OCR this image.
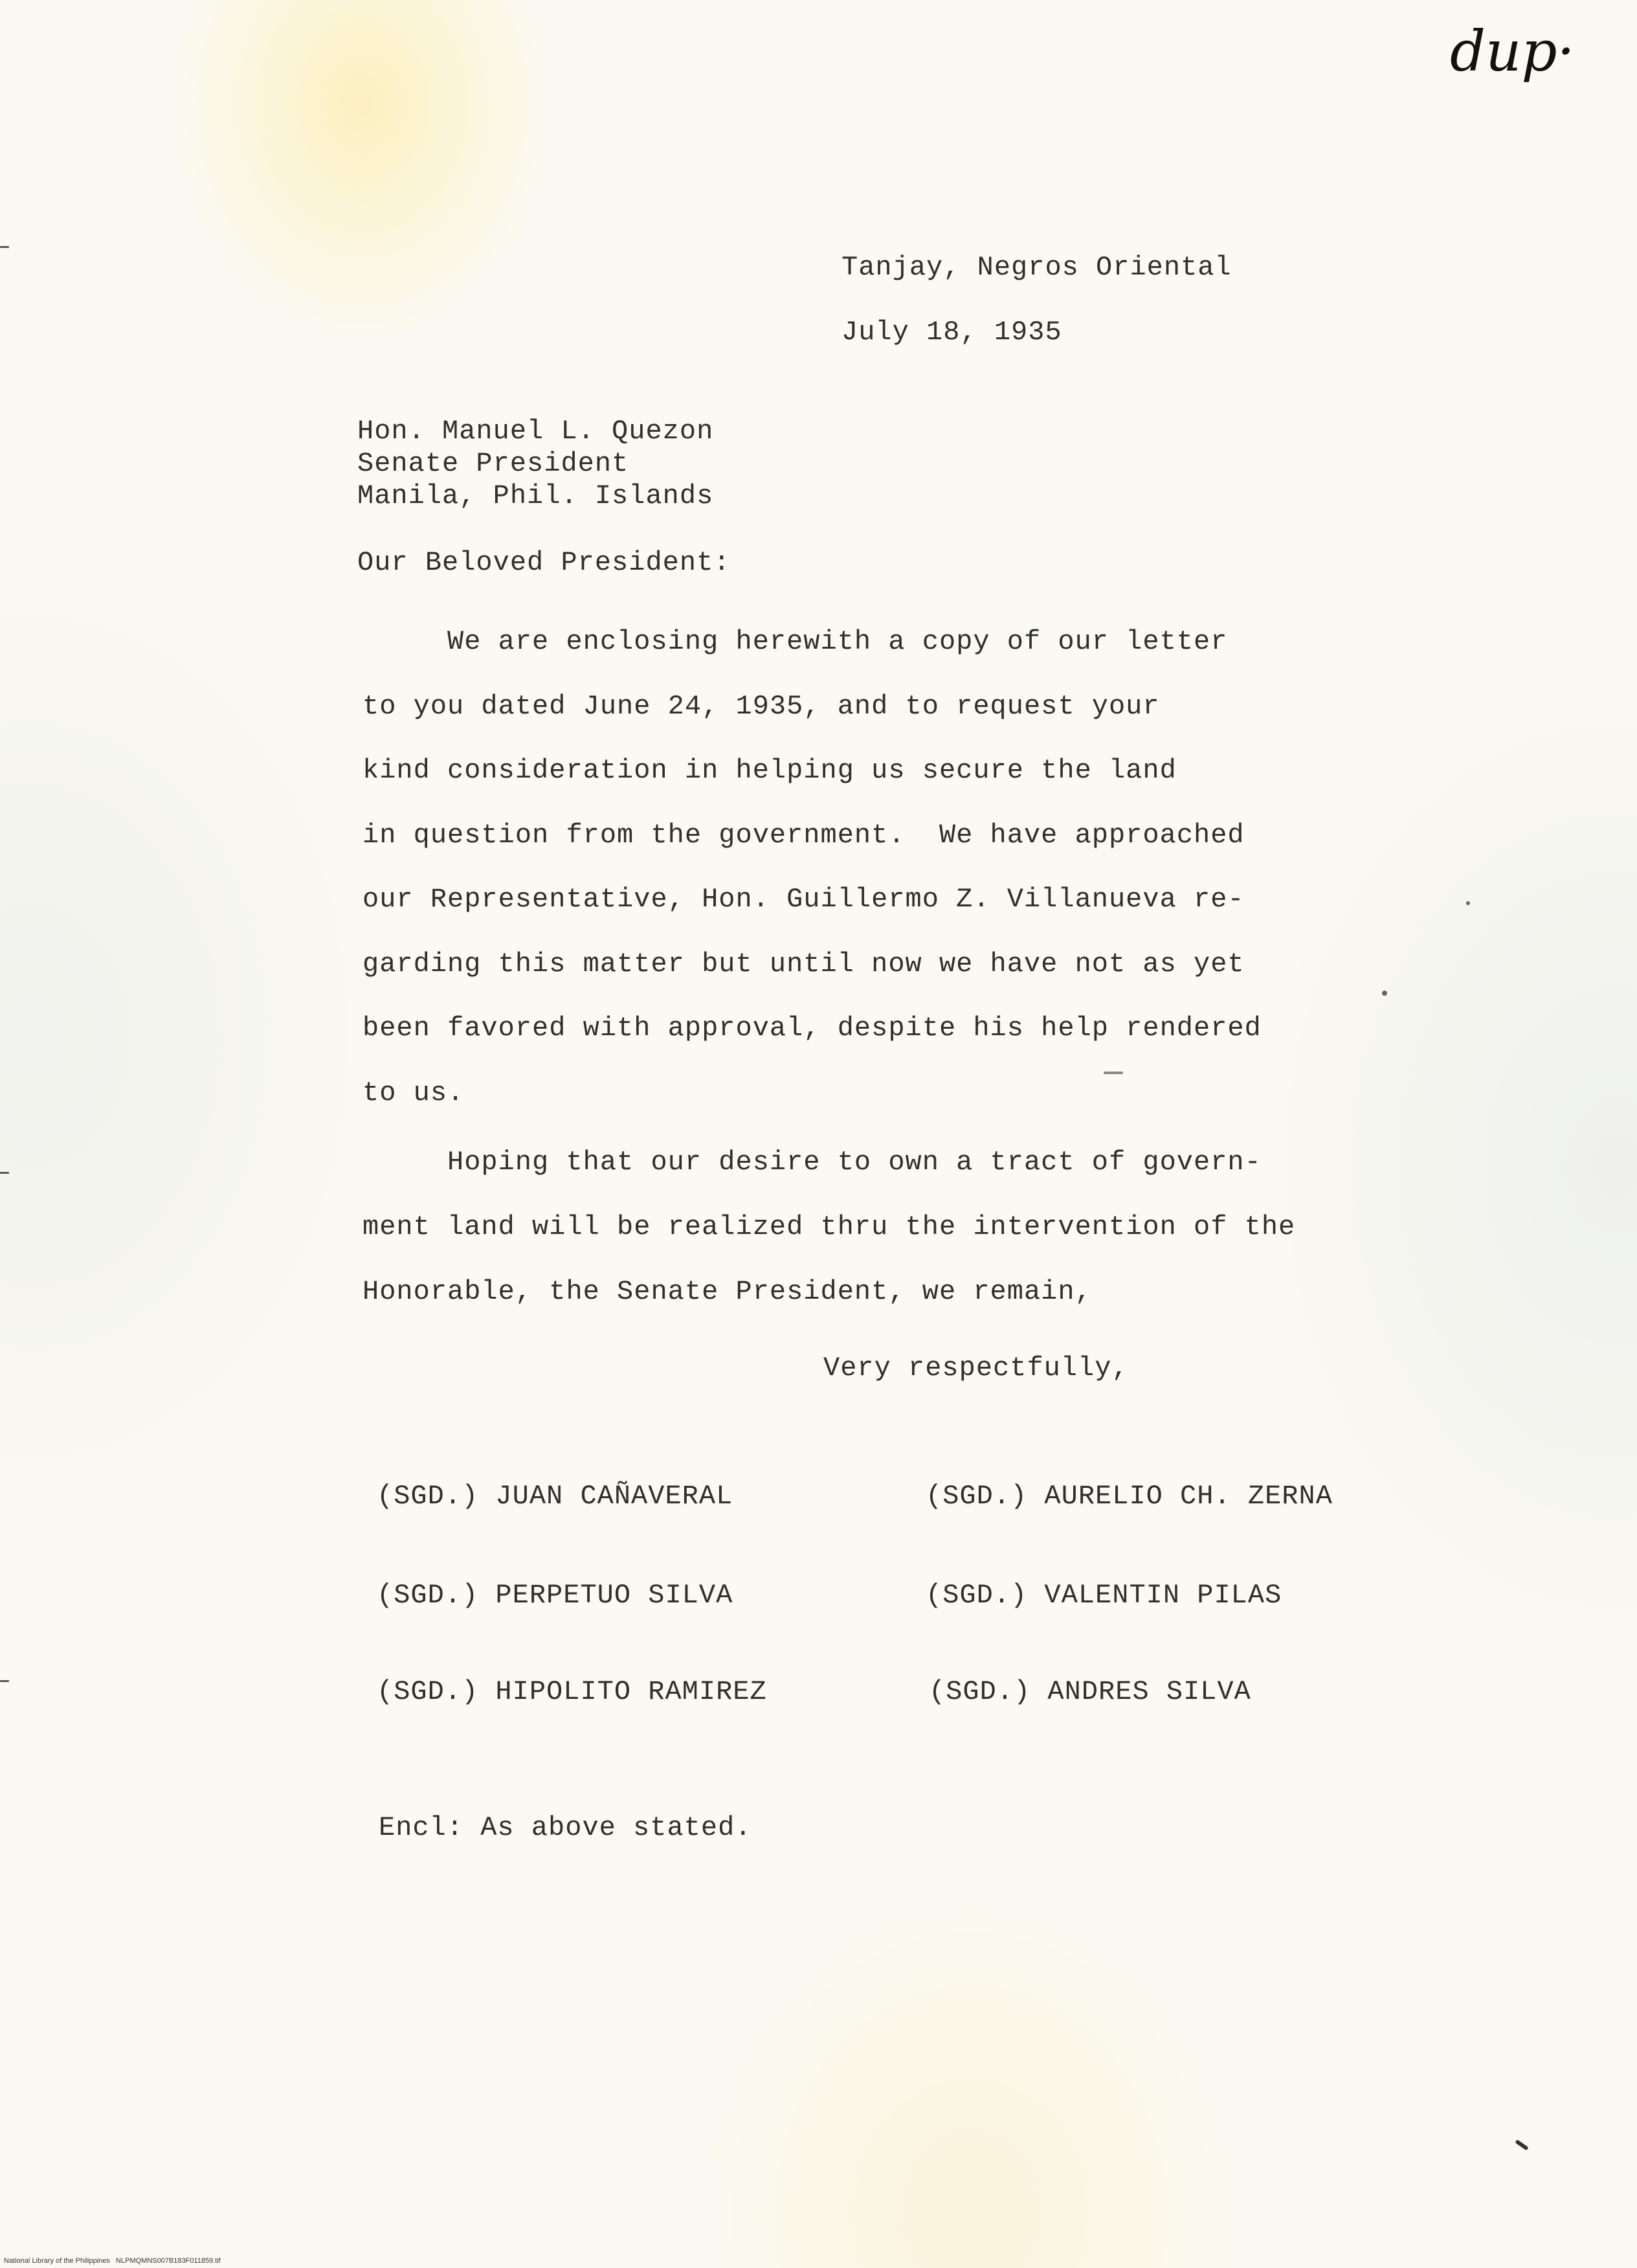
dup·
Tanjay, Negros Oriental
July 18, 1935
Hon. Manuel L. Quezon
Senate President
Manila, Phil. Islands
Our Beloved President:
We are enclosing herewith a copy of our letter
to you dated June 24, 1935, and to request your
kind consideration in helping us secure the land
in question from the government.  We have approached
our Representative, Hon. Guillermo Z. Villanueva re-
garding this matter but until now we have not as yet
been favored with approval, despite his help rendered
to us.
Hoping that our desire to own a tract of govern-
ment land will be realized thru the intervention of the
Honorable, the Senate President, we remain,
Very respectfully,
(SGD.) JUAN CAÑAVERAL	(SGD.) AURELIO CH. ZERNA
(SGD.) PERPETUO SILVA	(SGD.) VALENTIN PILAS
(SGD.) HIPOLITO RAMIREZ	(SGD.) ANDRES SILVA
Encl: As above stated.
National Library of the Philippines   NLPMQMNS007B183F011859.tif
